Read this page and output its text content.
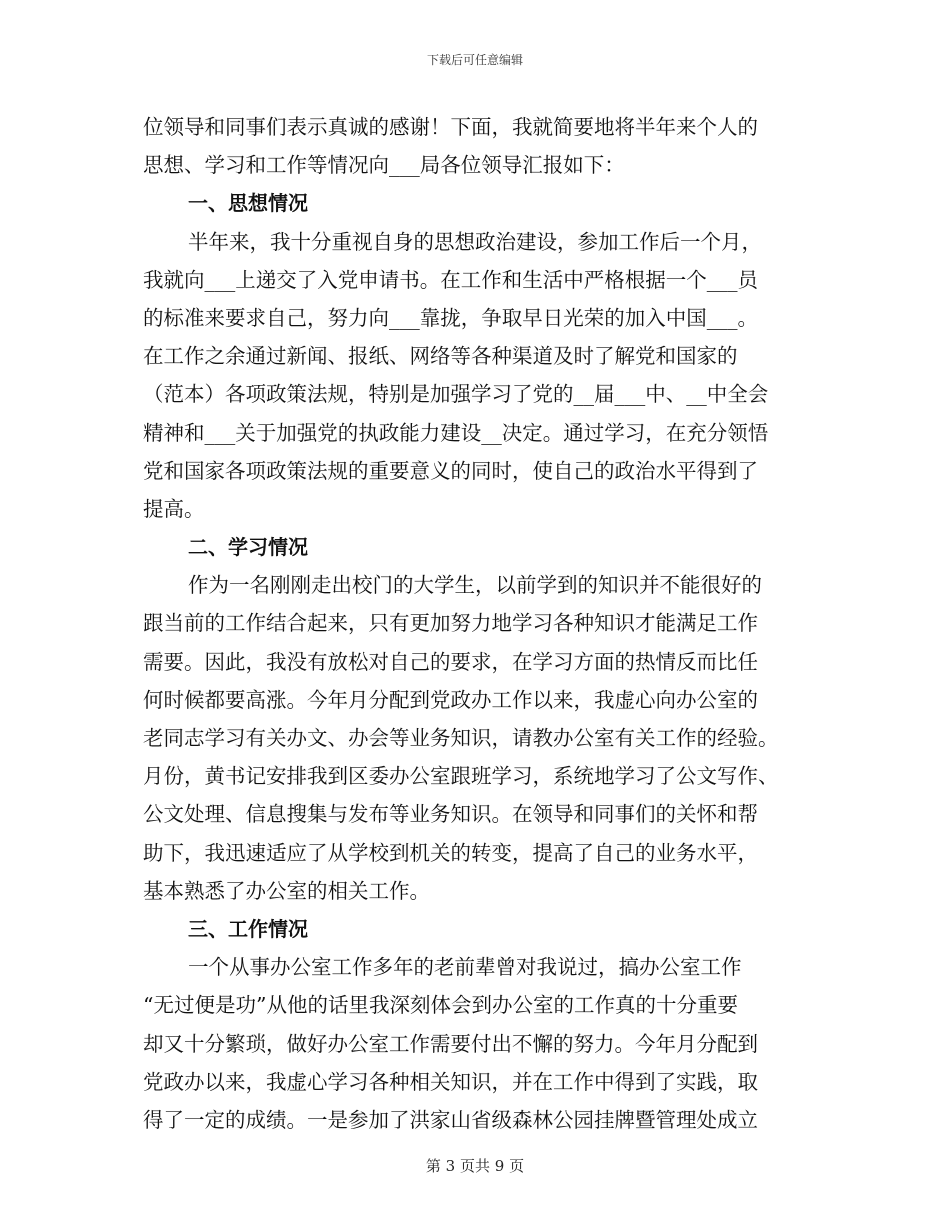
下载后可任意编辑
位领导和同事们表示真诚的感谢！下面，我就简要地将半年来个人的
思想、学习和工作等情况向___局各位领导汇报如下：
一、思想情况
半年来，我十分重视自身的思想政治建设，参加工作后一个月，
我就向___上递交了入党申请书。在工作和生活中严格根据一个___员
的标准来要求自己，努力向___靠拢，争取早日光荣的加入中国___。
在工作之余通过新闻、报纸、网络等各种渠道及时了解党和国家的
（范本）各项政策法规，特别是加强学习了党的__届___中、__中全会
精神和___关于加强党的执政能力建设__决定。通过学习，在充分领悟
党和国家各项政策法规的重要意义的同时，使自己的政治水平得到了
提高。
二、学习情况
作为一名刚刚走出校门的大学生，以前学到的知识并不能很好的
跟当前的工作结合起来，只有更加努力地学习各种知识才能满足工作
需要。因此，我没有放松对自己的要求，在学习方面的热情反而比任
何时候都要高涨。今年月分配到党政办工作以来，我虚心向办公室的
老同志学习有关办文、办会等业务知识，请教办公室有关工作的经验。
月份，黄书记安排我到区委办公室跟班学习，系统地学习了公文写作、
公文处理、信息搜集与发布等业务知识。在领导和同事们的关怀和帮
助下，我迅速适应了从学校到机关的转变，提高了自己的业务水平，
基本熟悉了办公室的相关工作。
三、工作情况
一个从事办公室工作多年的老前辈曾对我说过，搞办公室工作
“无过便是功”从他的话里我深刻体会到办公室的工作真的十分重要
却又十分繁琐，做好办公室工作需要付出不懈的努力。今年月分配到
党政办以来，我虚心学习各种相关知识，并在工作中得到了实践，取
得了一定的成绩。一是参加了洪家山省级森林公园挂牌暨管理处成立
第 3 页共 9 页
